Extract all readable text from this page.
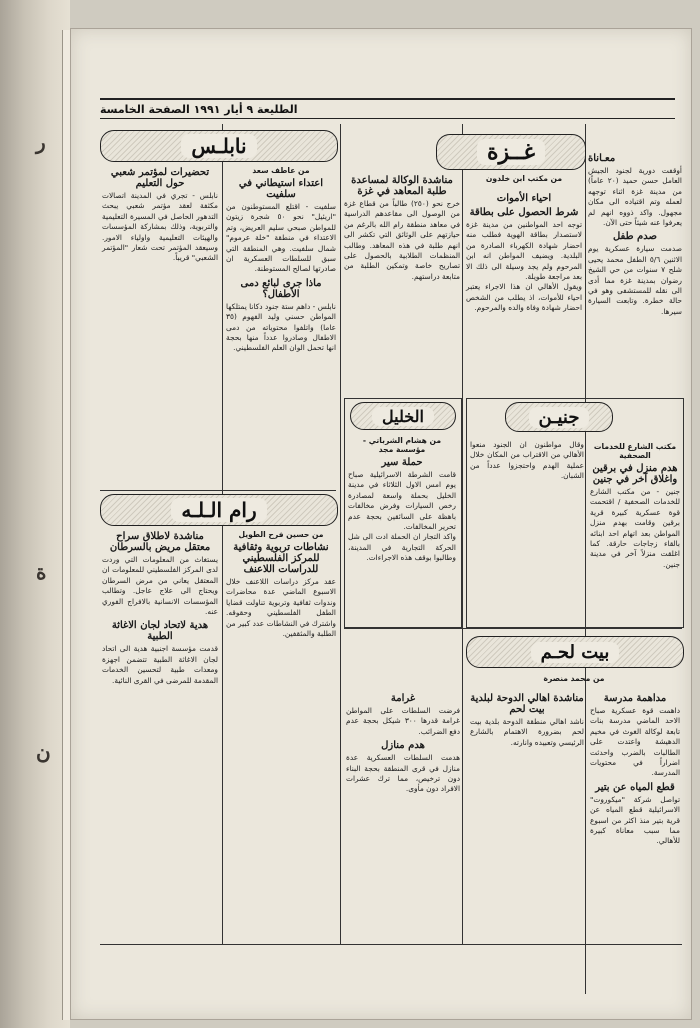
ر
ة
ن
الطليعة ٩ أيار ١٩٩١ الصفحة الخامسة
غــزة

من مكتب ابن خلدون

مناشدة الوكالة لمساعدة طلبة المعاهد في غزة

خرج نحو (٢٥٠) طالباً من قطاع غزة من الوصول الى مقاعدهم الدراسية في معاهد منطقة رام الله بالرغم من حيازتهم على الوثائق التي تكشر الى انهم طلبة في هذه المعاهد. وطالب المنظمات الطلابية بالحصول على تصاريح خاصة وتمكين الطلبة من متابعة دراستهم.

احياء الأموات
شرط الحصول على بطاقة

توجه احد المواطنين من مدينة غزة لاستصدار بطاقة الهوية فطلب منه احضار شهادة الكهرباء الصادرة من البلدية. ويضيف المواطن انه ابن المرحوم ولم يجد وسيلة الى ذلك الا بعد مراجعة طويلة.

ويقول الأهالي ان هذا الاجراء يعتبر احياء للأموات، اذ يطلب من الشخص احضار شهادة وفاة والده والمرحوم.

معـاناة

أوقفت دورية لجنود الجيش العامل حسن حميد (٢٠ عاماً) من مدينة غزة اثناء توجهه لعمله وتم اقتياده الى مكان مجهول. واكد ذووه انهم لم يعرفوا عنه شيئاً حتى الآن.

صدم طفل

صدمت سيارة عسكرية يوم الاثنين ٥/٦ الطفل محمد يحيى شلح ٧ سنوات من حي الشيخ رضوان بمدينة غزة مما أدى الى نقله للمستشفى وهو في حالة خطرة. وتابعت السيارة سيرها.

جنيـن

مكتب الشارع للخدمات الصحفية

هدم منزل في برقين واغلاق آخر في جنين

جنين - من مكتب الشارع للخدمات الصحفية / اقتحمت قوة عسكرية كبيرة قرية برقين وقامت بهدم منزل المواطن بعد اتهام احد ابنائه بالقاء زجاجات حارقة. كما اغلقت منزلاً آخر في مدينة جنين.

وقال مواطنون ان الجنود منعوا الأهالي من الاقتراب من المكان خلال عملية الهدم واحتجزوا عدداً من الشبان.

الخليل

من هشام الشرباتي - مؤسسة مجد

حملة سير

قامت الشرطة الاسرائيلية صباح يوم امس الاول الثلاثاء في مدينة الخليل بحملة واسعة لمصادرة رخص السيارات وفرض مخالفات باهظة على السائقين بحجة عدم تحرير المخالفات.

واكد التجار ان الحملة ادت الى شل الحركة التجارية في المدينة، وطالبوا بوقف هذه الاجراءات.

نابلـس

من عاطف سعد

اعتداء استيطاني في سلفيت

سلفيت - اقتلع المستوطنون من "اريئيل" نحو ٥٠ شجرة زيتون للمواطن صبحي سليم العريض، وتم الاعتداء في منطقة "خلة عرموم" شمال سلفيت. وهي المنطقة التي سبق للسلطات العسكرية ان صادرتها لصالح المستوطنة.

ماذا جرى لبائع دمى الأطفال؟

نابلس - داهم ستة جنود دكانا يمتلكها المواطن حسني وليد الفهوم (٣٥ عاما) واتلفوا محتوياته من دمى الاطفال وصادروا عدداً منها بحجة انها تحمل الوان العلم الفلسطيني.

تحضيرات لمؤتمر شعبي حول التعليم

نابلس - تجري في المدينة اتصالات مكثفة لعقد مؤتمر شعبي يبحث التدهور الحاصل في المسيرة التعليمية والتربوية، وذلك بمشاركة المؤسسات والهيئات التعليمية واولياء الامور. وسيعقد المؤتمر تحت شعار "المؤتمر الشعبي" قريباً.

رام الـلـه

من حسين فرح الطويل

نشاطات تربوية وثقافية للمركز الفلسطيني للدراسات اللاعنف

عقد مركز دراسات اللاعنف خلال الاسبوع الماضي عدة محاضرات وندوات ثقافية وتربوية تناولت قضايا الطفل الفلسطيني وحقوقه. واشترك في النشاطات عدد كبير من الطلبة والمثقفين.

مناشدة لاطلاق سراح معتقل مريض بالسرطان

يستغاث من المعلومات التي وردت لدى المركز الفلسطيني للمعلومات ان المعتقل يعاني من مرض السرطان ويحتاج الى علاج عاجل. وتطالب المؤسسات الانسانية بالافراج الفوري عنه.

هدية لاتحاد لجان الاغاثة الطبية

قدمت مؤسسة اجنبية هدية الى اتحاد لجان الاغاثة الطبية تتضمن اجهزة ومعدات طبية لتحسين الخدمات المقدمة للمرضى في القرى النائية.

بيت لحـم

من محمد منصرة

مداهمة مدرسة

داهمت قوة عسكرية صباح الاحد الماضي مدرسة بنات تابعة لوكالة الغوث في مخيم الدهيشة واعتدت على الطالبات بالضرب واحدثت اضراراً في محتويات المدرسة.

قطع المياه عن بتير

تواصل شركة "ميكوروت" الاسرائيلية قطع المياه عن قرية بتير منذ اكثر من اسبوع مما سبب معاناة كبيرة للأهالي.

مناشدة اهالي الدوحة لبلدية بيت لحم

ناشد اهالي منطقة الدوحة بلدية بيت لحم بضرورة الاهتمام بالشارع الرئيسي وتعبيده وانارته.

غرامة

فرضت السلطات على المواطن غرامة قدرها ٣٠٠ شيكل بحجة عدم دفع الضرائب.

هدم منازل

هدمت السلطات العسكرية عدة منازل في قرى المنطقة بحجة البناء دون ترخيص، مما ترك عشرات الافراد دون مأوى.
